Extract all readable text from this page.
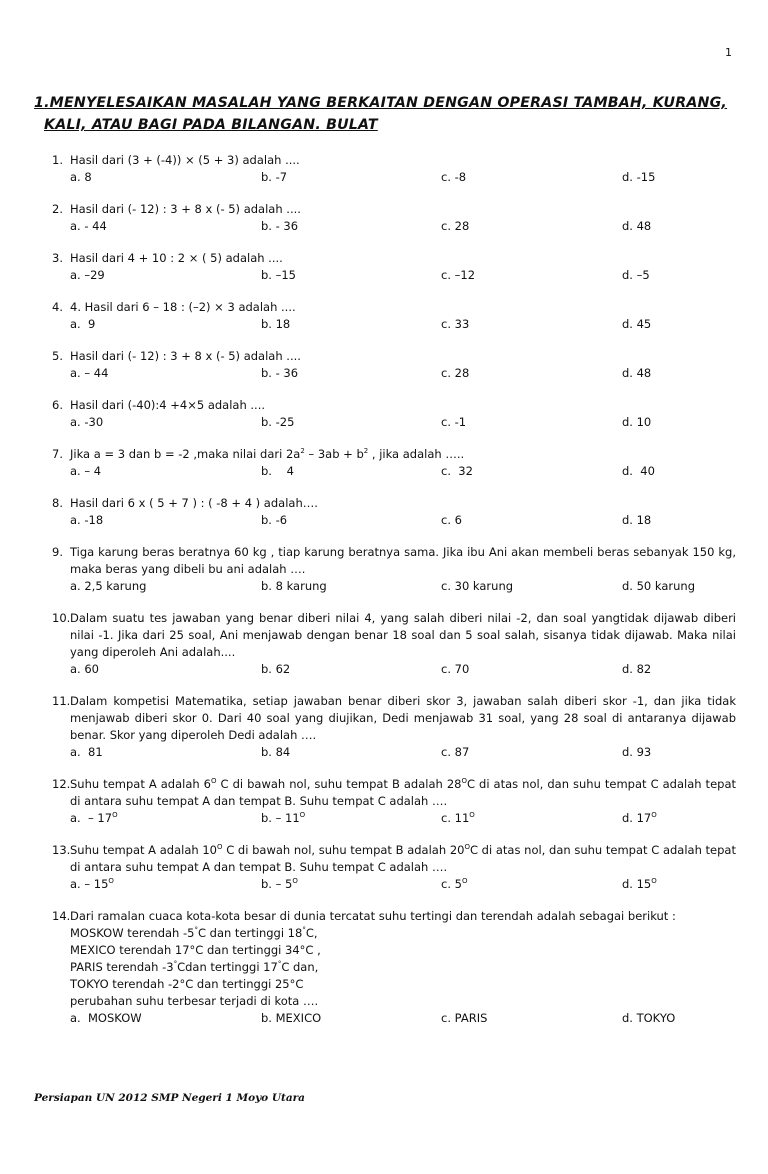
1
1.MENYELESAIKAN MASALAH YANG BERKAITAN DENGAN OPERASI TAMBAH, KURANG,
KALI, ATAU BAGI PADA BILANGAN. BULAT
1. Hasil dari (3 + (-4)) × (5 + 3) adalah ....
a. 8	b. -7	c. -8	d. -15
2. Hasil dari (- 12) : 3 + 8 x (- 5) adalah ....
a. - 44	b. - 36	c. 28	d. 48
3. Hasil dari 4 + 10 : 2 × ( 5) adalah ....
a. –29	b. –15	c. –12	d. –5
4. 4. Hasil dari 6 – 18 : (–2) × 3 adalah ....
a.  9	b. 18	c. 33	d. 45
5. Hasil dari (- 12) : 3 + 8 x (- 5) adalah ....
a. – 44	b. - 36	c. 28	d. 48
6. Hasil dari (-40):4 +4×5 adalah ....
a. -30	b. -25	c. -1	d. 10
7. Jika a = 3 dan b = -2 ,maka nilai dari $2a^2 - 3ab + b^2$ , jika adalah …..
a. – 4	b.    4	c.  32	d.  40
8. Hasil dari 6 x ( 5 + 7 ) : ( -8 + 4 ) adalah….
a. -18	b. -6	c. 6	d. 18
9. Tiga karung beras beratnya 60 kg , tiap karung beratnya sama. Jika ibu Ani akan membeli beras sebanyak 150 kg, maka beras yang dibeli bu ani adalah ….
a. 2,5 karung	b. 8 karung	c. 30 karung	d. 50 karung
10. Dalam suatu tes jawaban yang benar diberi nilai 4, yang salah diberi nilai -2, dan soal yangtidak dijawab diberi nilai -1. Jika dari 25 soal, Ani menjawab dengan benar 18 soal dan 5 soal salah, sisanya tidak dijawab. Maka nilai yang diperoleh Ani adalah....
a. 60	b. 62	c. 70	d. 82
11. Dalam kompetisi Matematika, setiap jawaban benar diberi skor 3, jawaban salah diberi skor -1, dan jika tidak menjawab diberi skor 0. Dari 40 soal yang diujikan, Dedi menjawab 31 soal, yang 28 soal di antaranya dijawab benar. Skor yang diperoleh Dedi adalah ….
a.  81	b. 84	c. 87	d. 93
12. Suhu tempat A adalah $6^O$ C di bawah nol, suhu tempat B adalah $28^OC$ di atas nol, dan suhu tempat C adalah tepat di antara suhu tempat A dan tempat B. Suhu tempat C adalah ….
a.  – $17^O$	b. – $11^O$	c. $11^O$	d. $17^O$
13. Suhu tempat A adalah $10^O$ C di bawah nol, suhu tempat B adalah $20^OC$ di atas nol, dan suhu tempat C adalah tepat di antara suhu tempat A dan tempat B. Suhu tempat C adalah ….
a. – $15^O$	b. – $5^O$	c. $5^O$	d. $15^O$
14. Dari ramalan cuaca kota-kota besar di dunia tercatat suhu tertingi dan terendah adalah sebagai berikut :
MOSKOW terendah -5°C dan tertinggi 18°C,
MEXICO terendah 17°C dan tertinggi 34°C ,
PARIS terendah -3°Cdan tertinggi 17°C dan,
TOKYO terendah -2°C dan tertinggi 25°C
perubahan suhu terbesar terjadi di kota ….
a.  MOSKOW	b. MEXICO	c. PARIS	d. TOKYO
Persiapan UN 2012 SMP Negeri 1 Moyo Utara
